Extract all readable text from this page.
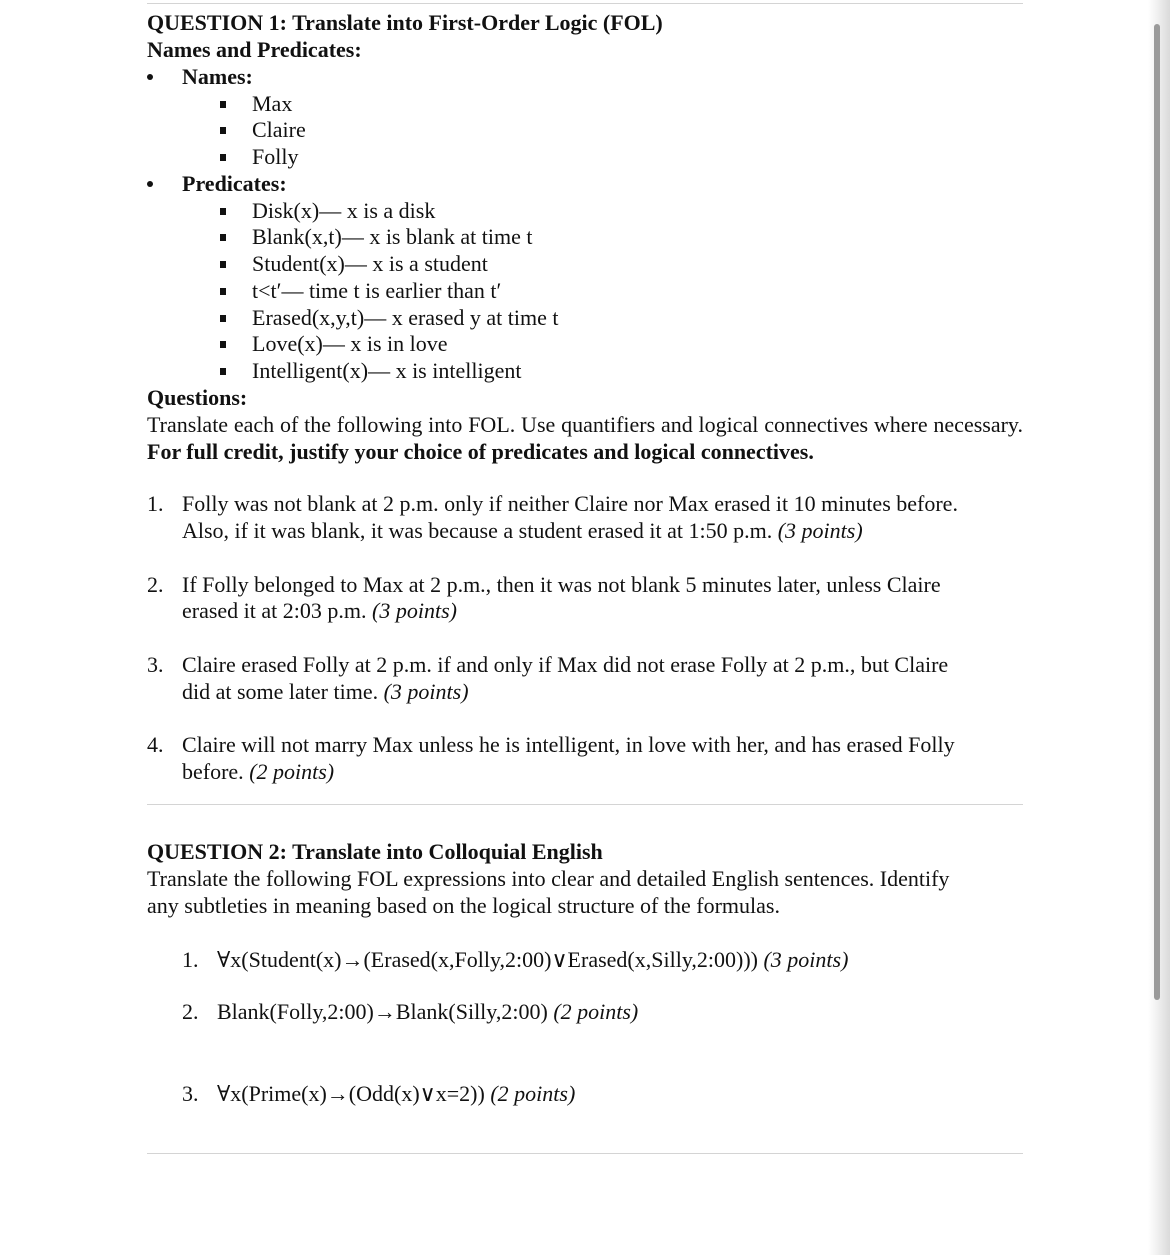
QUESTION 1: Translate into First-Order Logic (FOL)
Names and Predicates:
Names:
Max
Claire
Folly
Predicates:
Disk(x)— x is a disk
Blank(x,t)— x is blank at time t
Student(x)— x is a student
t<t′— time t is earlier than t′
Erased(x,y,t)— x erased y at time t
Love(x)— x is in love
Intelligent(x)— x is intelligent
Questions:
Translate each of the following into FOL. Use quantifiers and logical connectives where necessary. For full credit, justify your choice of predicates and logical connectives.
1. Folly was not blank at 2 p.m. only if neither Claire nor Max erased it 10 minutes before.
Also, if it was blank, it was because a student erased it at 1:50 p.m. (3 points)
2. If Folly belonged to Max at 2 p.m., then it was not blank 5 minutes later, unless Claire
erased it at 2:03 p.m. (3 points)
3. Claire erased Folly at 2 p.m. if and only if Max did not erase Folly at 2 p.m., but Claire
did at some later time. (3 points)
4. Claire will not marry Max unless he is intelligent, in love with her, and has erased Folly
before. (2 points)
QUESTION 2: Translate into Colloquial English
Translate the following FOL expressions into clear and detailed English sentences. Identify
any subtleties in meaning based on the logical structure of the formulas.
1. ∀x(Student(x)→(Erased(x,Folly,2:00)∨Erased(x,Silly,2:00))) (3 points)
2. Blank(Folly,2:00)→Blank(Silly,2:00) (2 points)
3. ∀x(Prime(x)→(Odd(x)∨x=2)) (2 points)
